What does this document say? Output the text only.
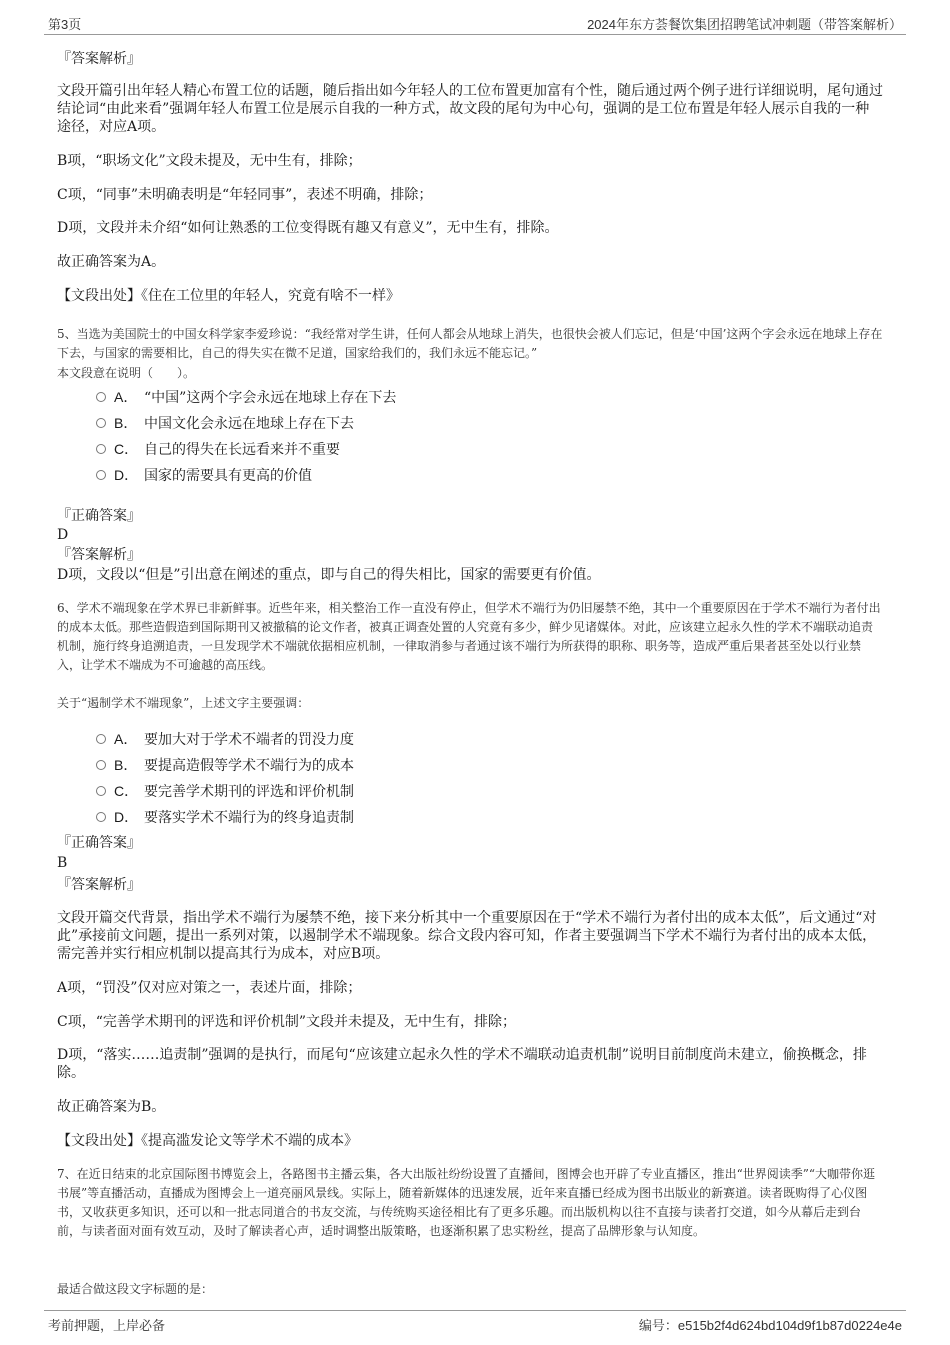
第3页	2024年东方荟餐饮集团招聘笔试冲刺题（带答案解析）

『答案解析』

文段开篇引出年轻人精心布置工位的话题，随后指出如今年轻人的工位布置更加富有个性，随后通过两个例子进行详细说明，尾句通过结论词“由此来看”强调年轻人布置工位是展示自我的一种方式，故文段的尾句为中心句，强调的是工位布置是年轻人展示自我的一种途径，对应A项。

B项，“职场文化”文段未提及，无中生有，排除；

C项，“同事”未明确表明是“年轻同事”，表述不明确，排除；

D项，文段并未介绍“如何让熟悉的工位变得既有趣又有意义”，无中生有，排除。

故正确答案为A。

【文段出处】《住在工位里的年轻人，究竟有啥不一样》

5、当选为美国院士的中国女科学家李爱珍说：“我经常对学生讲，任何人都会从地球上消失，也很快会被人们忘记，但是‘中国’这两个字会永远在地球上存在下去，与国家的需要相比，自己的得失实在微不足道，国家给我们的，我们永远不能忘记。”

本文段意在说明（　　）。

A． “中国”这两个字会永远在地球上存在下去
B． 中国文化会永远在地球上存在下去
C． 自己的得失在长远看来并不重要
D． 国家的需要具有更高的价值

『正确答案』

D

『答案解析』

D项，文段以“但是”引出意在阐述的重点，即与自己的得失相比，国家的需要更有价值。

6、学术不端现象在学术界已非新鲜事。近些年来，相关整治工作一直没有停止，但学术不端行为仍旧屡禁不绝，其中一个重要原因在于学术不端行为者付出的成本太低。那些造假造到国际期刊又被撤稿的论文作者，被真正调查处置的人究竟有多少，鲜少见诸媒体。对此，应该建立起永久性的学术不端联动追责机制，施行终身追溯追责，一旦发现学术不端就依据相应机制，一律取消参与者通过该不端行为所获得的职称、职务等，造成严重后果者甚至处以行业禁入，让学术不端成为不可逾越的高压线。

关于“遏制学术不端现象”，上述文字主要强调：

A． 要加大对于学术不端者的罚没力度
B． 要提高造假等学术不端行为的成本
C． 要完善学术期刊的评选和评价机制
D． 要落实学术不端行为的终身追责制

『正确答案』

B

『答案解析』

文段开篇交代背景，指出学术不端行为屡禁不绝，接下来分析其中一个重要原因在于“学术不端行为者付出的成本太低”，后文通过“对此”承接前文问题，提出一系列对策，以遏制学术不端现象。综合文段内容可知，作者主要强调当下学术不端行为者付出的成本太低，需完善并实行相应机制以提高其行为成本，对应B项。

A项，“罚没”仅对应对策之一，表述片面，排除；

C项，“完善学术期刊的评选和评价机制”文段并未提及，无中生有，排除；

D项，“落实……追责制”强调的是执行，而尾句“应该建立起永久性的学术不端联动追责机制”说明目前制度尚未建立，偷换概念，排除。

故正确答案为B。

【文段出处】《提高滥发论文等学术不端的成本》

7、在近日结束的北京国际图书博览会上，各路图书主播云集，各大出版社纷纷设置了直播间，图博会也开辟了专业直播区，推出“世界阅读季”“大咖带你逛书展”等直播活动，直播成为图博会上一道亮丽风景线。实际上，随着新媒体的迅速发展，近年来直播已经成为图书出版业的新赛道。读者既购得了心仪图书，又收获更多知识，还可以和一批志同道合的书友交流，与传统购买途径相比有了更多乐趣。而出版机构以往不直接与读者打交道，如今从幕后走到台前，与读者面对面有效互动，及时了解读者心声，适时调整出版策略，也逐渐积累了忠实粉丝，提高了品牌形象与认知度。

最适合做这段文字标题的是：

考前押题，上岸必备	编号：e515b2f4d624bd104d9f1b87d0224e4e
